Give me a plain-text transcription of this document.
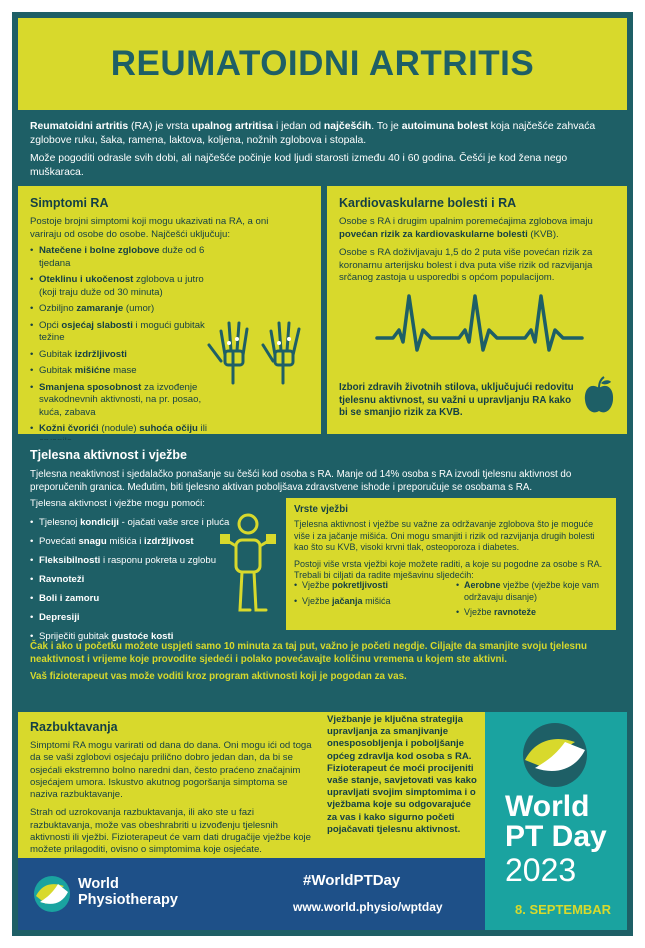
REUMATOIDNI ARTRITIS

Reumatoidni artritis (RA) je vrsta upalnog artritisa i jedan od najčešćih. To je autoimuna bolest koja najčešće zahvaća zglobove ruku, šaka, ramena, laktova, koljena, nožnih zglobova i stopala.

Može pogoditi odrasle svih dobi, ali najčešće počinje kod ljudi starosti između 40 i 60 godina. Češći je kod žena nego muškaraca.

Simptomi RA
Postoje brojni simptomi koji mogu ukazivati na RA, a oni variraju od osobe do osobe. Najčešći uključuju:
• Natečene i bolne zglobove duže od 6 tjedana
• Oteklinu i ukočenost zglobova u jutro (koji traju duže od 30 minuta)
• Ozbiljno zamaranje (umor)
• Opći osjećaj slabosti i mogući gubitak težine
• Gubitak izdržljivosti
• Gubitak mišićne mase
• Smanjena sposobnost za izvođenje svakodnevnih aktivnosti, na pr. posao, kuća, zabava
• Kožni čvorići (nodule) suhoća očiju ili
Kardiovaskularne bolesti i RA

Osobe s RA i drugim upalnim poremećajima zglobova imaju povećan rizik za kardiovaskularne bolesti (KVB).

Osobe s RA doživljavaju 1,5 do 2 puta više povećan rizik za koronarnu arterijsku bolest i dva puta više rizik od razvijanja srčanog zastoja u usporedbi s općom populacijom.

Izbori zdravih životnih stilova, uključujući redovitu tjelesnu aktivnost, su važni u upravljanju RA kako bi se smanjio rizik za KVB.
Tjelesna aktivnost i vježbe
Tjelesna neaktivnost i sjedalačko ponašanje su češći kod osoba s RA. Manje od 14% osoba s RA izvodi tjelesnu aktivnost do preporučenih granica. Međutim, biti tjelesno aktivan poboljšava zdravstvene ishode i preporučuje se osobama s RA.
Tjelesna aktivnost i vježbe mogu pomoći:
• Tjelesnoj kondiciji - ojačati vaše srce i pluća
• Povećati snagu mišića i izdržljivost
• Fleksibilnosti i rasponu pokreta u zglobu
• Ravnoteži
• Boli i zamoru
• Depresiji
• Spriječiti gubitak gustoće kosti
Vrste vježbi

Tjelesna aktivnost i vježbe su važne za održavanje zglobova što je moguće više i za jačanje mišića. Oni mogu smanjiti i rizik od razvijanja drugih bolesti kao što su KVB, visoki krvni tlak, osteoporoza i diabetes.

Postoji više vrsta vježbi koje možete raditi, a koje su pogodne za osobe s RA. Trebali bi ciljati da radite mješavinu sljedećih:

• Vježbe pokretljivosti
• Vježbe jačanja mišića
• Aerobne vježbe (vježbe koje vam održavaju disanje)
• Vježbe ravnoteže

Čak i ako u početku možete uspjeti samo 10 minuta za taj put, važno je početi negdje. Ciljajte da smanjite svoju tjelesnu neaktivnost i vrijeme koje provodite sjedeći i polako povećavajte količinu vremena u kojem ste aktivni.

Vaš fizioterapeut vas može voditi kroz program aktivnosti koji je pogodan za vas.

Razbuktavanja

Simptomi RA mogu varirati od dana do dana. Oni mogu ići od toga da se vaši zglobovi osjećaju prilično dobro jedan dan, da bi se osjećali ekstremno bolno naredni dan, često praćeno značajnim osjećajem umora. Iskustvo akutnog pogoršanja simptoma se naziva razbuktavanje.

Strah od uzrokovanja razbuktavanja, ili ako ste u fazi razbuktavanja, može vas obeshrabriti u izvođenju tjelesnih aktivnosti ili vježbi. Fizioterapeut će vam dati drugačije vježbe koje možete prilagoditi, ovisno o simptomima koje osjećate.

Vježbanje je ključna strategija upravljanja za smanjivanje onesposobljenja i poboljšanje općeg zdravlja kod osoba s RA. Fizioterapeut će moći procijeniti vaše stanje, savjetovati vas kako upravljati svojim simptomima i o vježbama koje su odgovarajuće za vas i kako sigurno početi pojačavati tjelesnu aktivnost.
World
PT Day
2023
8. SEPTEMBAR
World
Physiotherapy
#WorldPTDay
www.world.physio/wptday
